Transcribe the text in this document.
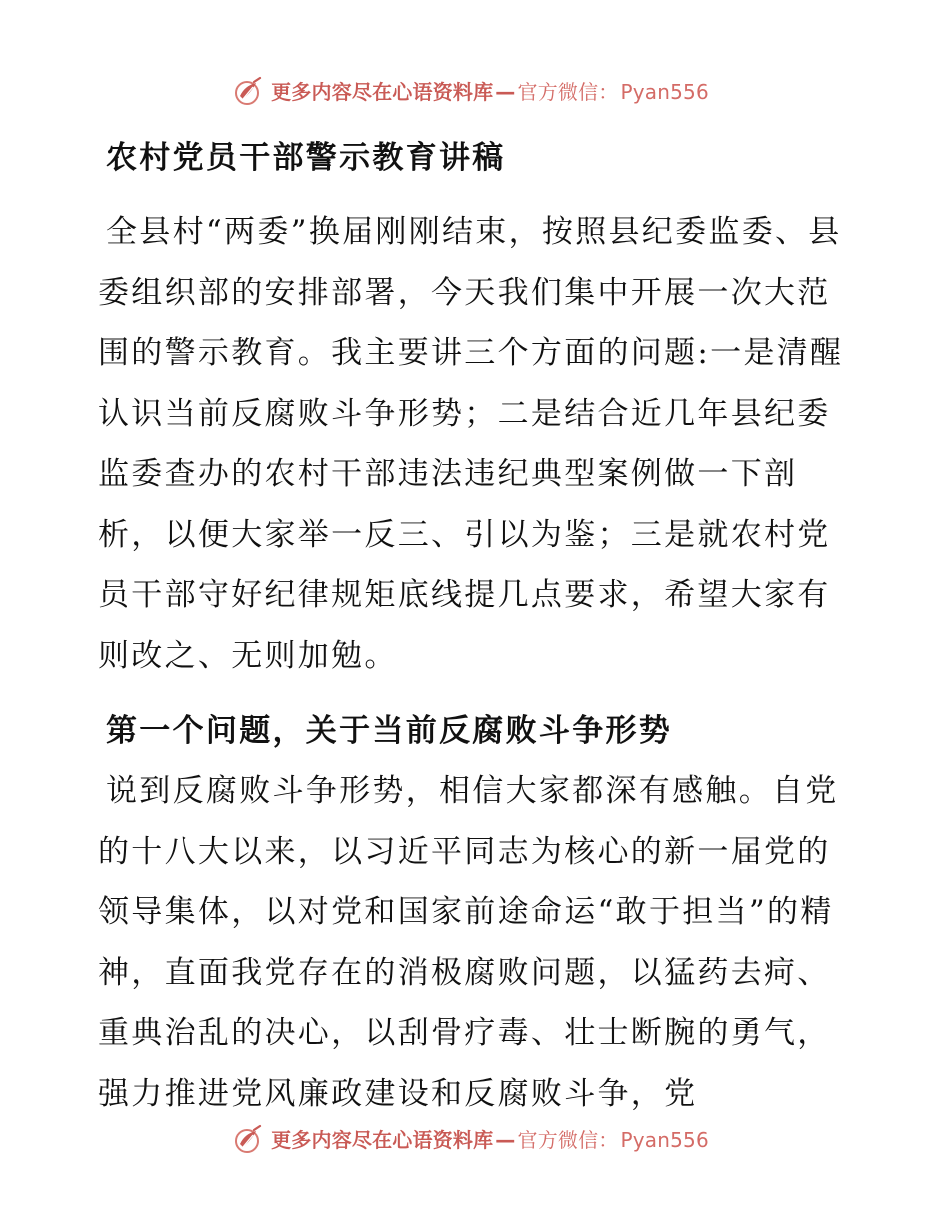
更多内容尽在心语资料库 — 官方微信： Pyan556
农村党员干部警示教育讲稿

全县村“两委”换届刚刚结束，按照县纪委监委、县委组织部的安排部署，今天我们集中开展一次大范围的警示教育。我主要讲三个方面的问题:一是清醒认识当前反腐败斗争形势；二是结合近几年县纪委监委查办的农村干部违法违纪典型案例做一下剖析，以便大家举一反三、引以为鉴；三是就农村党员干部守好纪律规矩底线提几点要求，希望大家有则改之、无则加勉。

第一个问题，关于当前反腐败斗争形势

说到反腐败斗争形势，相信大家都深有感触。自党的十八大以来，以习近平同志为核心的新一届党的领导集体，以对党和国家前途命运“敢于担当”的精神，直面我党存在的消极腐败问题，以猛药去疴、重典治乱的决心，以刮骨疗毒、壮士断腕的勇气，强力推进党风廉政建设和反腐败斗争，党

更多内容尽在心语资料库 — 官方微信： Pyan556
